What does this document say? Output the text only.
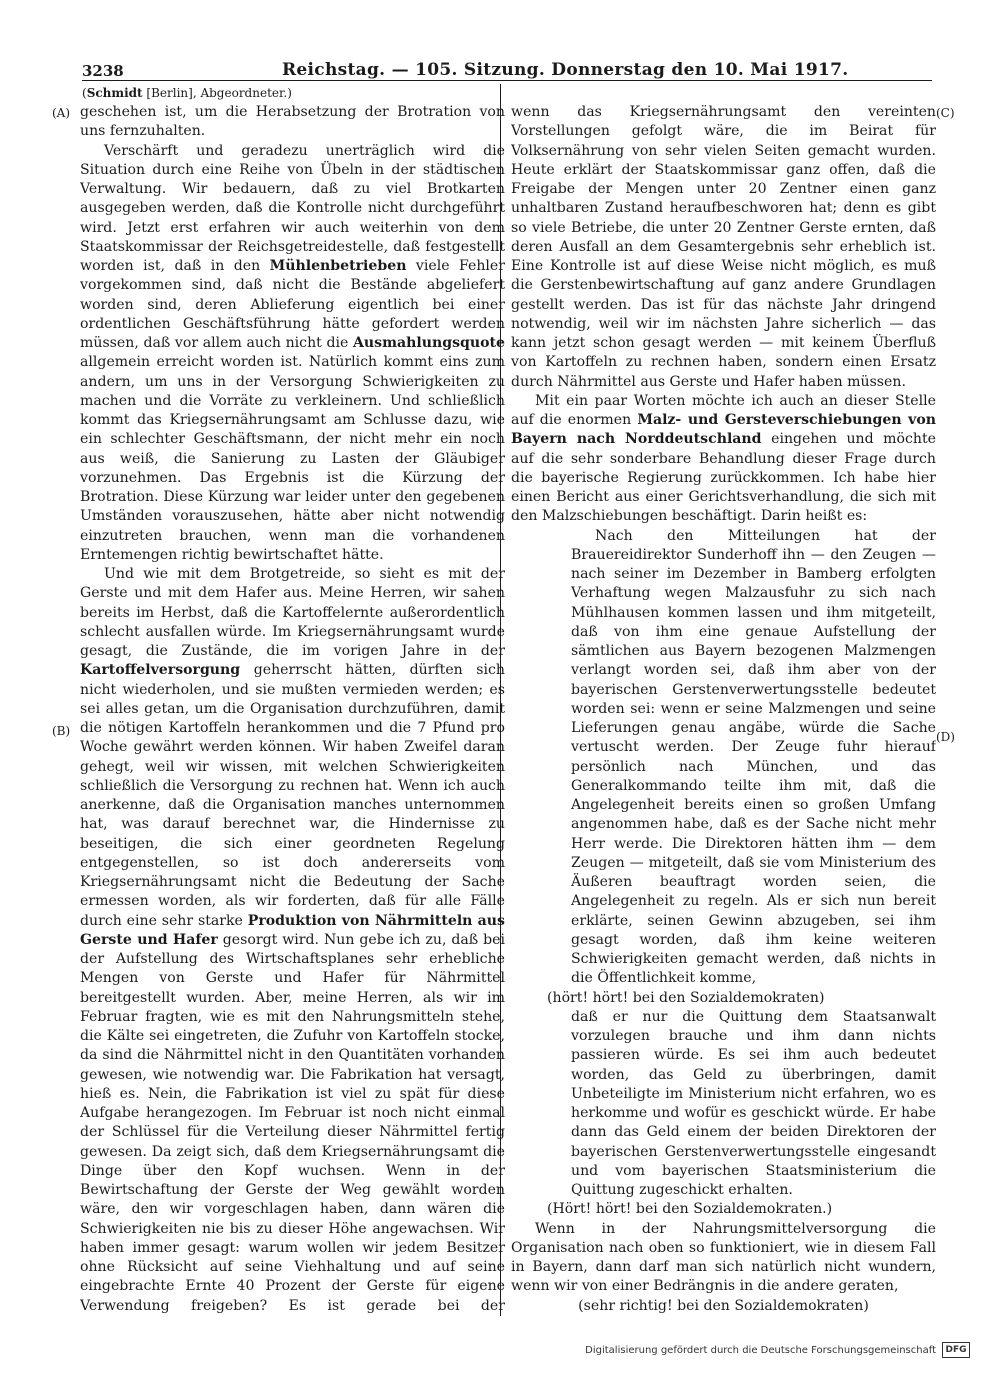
3238	Reichstag. — 105. Sitzung. Donnerstag den 10. Mai 1917.
(Schmidt [Berlin], Abgeordneter.)
(A)
(B)
(C)
(D)

geschehen ist, um die Herabsetzung der Brotration von uns fernzuhalten.

Verschärft und geradezu unerträglich wird die Situation durch eine Reihe von Übeln in der städtischen Verwaltung. Wir bedauern, daß zu viel Brotkarten ausgegeben werden, daß die Kontrolle nicht durchgeführt wird. Jetzt erst erfahren wir auch weiterhin von dem Staatskommissar der Reichsgetreidestelle, daß festgestellt worden ist, daß in den Mühlenbetrieben viele Fehler vorgekommen sind, daß nicht die Bestände abgeliefert worden sind, deren Ablieferung eigentlich bei einer ordentlichen Geschäftsführung hätte gefordert werden müssen, daß vor allem auch nicht die Ausmahlungsquote allgemein erreicht worden ist. Natürlich kommt eins zum andern, um uns in der Versorgung Schwierigkeiten zu machen und die Vorräte zu verkleinern. Und schließlich kommt das Kriegsernährungsamt am Schlusse dazu, wie ein schlechter Geschäftsmann, der nicht mehr ein noch aus weiß, die Sanierung zu Lasten der Gläubiger vorzunehmen. Das Ergebnis ist die Kürzung der Brotration. Diese Kürzung war leider unter den gegebenen Umständen vorauszusehen, hätte aber nicht notwendig einzutreten brauchen, wenn man die vorhandenen Erntemengen richtig bewirtschaftet hätte.

Und wie mit dem Brotgetreide, so sieht es mit der Gerste und mit dem Hafer aus. Meine Herren, wir sahen bereits im Herbst, daß die Kartoffelernte außerordentlich schlecht ausfallen würde. Im Kriegsernährungsamt wurde gesagt, die Zustände, die im vorigen Jahre in der Kartoffelversorgung geherrscht hätten, dürften sich nicht wiederholen, und sie mußten vermieden werden; es sei alles getan, um die Organisation durchzuführen, damit die nötigen Kartoffeln herankommen und die 7 Pfund pro Woche gewährt werden können. Wir haben Zweifel daran gehegt, weil wir wissen, mit welchen Schwierigkeiten schließlich die Versorgung zu rechnen hat. Wenn ich auch anerkenne, daß die Organisation manches unternommen hat, was darauf berechnet war, die Hindernisse zu beseitigen, die sich einer geordneten Regelung entgegenstellen, so ist doch andererseits vom Kriegsernährungsamt nicht die Bedeutung der Sache ermessen worden, als wir forderten, daß für alle Fälle durch eine sehr starke Produktion von Nährmitteln aus Gerste und Hafer gesorgt wird. Nun gebe ich zu, daß bei der Aufstellung des Wirtschaftsplanes sehr erhebliche Mengen von Gerste und Hafer für Nährmittel bereitgestellt wurden. Aber, meine Herren, als wir im Februar fragten, wie es mit den Nahrungsmitteln stehe, die Kälte sei eingetreten, die Zufuhr von Kartoffeln stocke, da sind die Nährmittel nicht in den Quantitäten vorhanden gewesen, wie notwendig war. Die Fabrikation hat versagt, hieß es. Nein, die Fabrikation ist viel zu spät für diese Aufgabe herangezogen. Im Februar ist noch nicht einmal der Schlüssel für die Verteilung dieser Nährmittel fertig gewesen. Da zeigt sich, daß dem Kriegsernährungsamt die Dinge über den Kopf wuchsen. Wenn in der Bewirtschaftung der Gerste der Weg gewählt worden wäre, den wir vorgeschlagen haben, dann wären die Schwierigkeiten nie bis zu dieser Höhe angewachsen. Wir haben immer gesagt: warum wollen wir jedem Besitzer ohne Rücksicht auf seine Viehhaltung und auf seine eingebrachte Ernte 40 Prozent der Gerste für eigene Verwendung freigeben? Es ist gerade bei der

wenn das Kriegsernährungsamt den vereinten Vorstellungen gefolgt wäre, die im Beirat für Volksernährung von sehr vielen Seiten gemacht wurden. Heute erklärt der Staatskommissar ganz offen, daß die Freigabe der Mengen unter 20 Zentner einen ganz unhaltbaren Zustand heraufbeschworen hat; denn es gibt so viele Betriebe, die unter 20 Zentner Gerste ernten, daß deren Ausfall an dem Gesamtergebnis sehr erheblich ist. Eine Kontrolle ist auf diese Weise nicht möglich, es muß die Gerstenbewirtschaftung auf ganz andere Grundlagen gestellt werden. Das ist für das nächste Jahr dringend notwendig, weil wir im nächsten Jahre sicherlich — das kann jetzt schon gesagt werden — mit keinem Überfluß von Kartoffeln zu rechnen haben, sondern einen Ersatz durch Nährmittel aus Gerste und Hafer haben müssen.

Mit ein paar Worten möchte ich auch an dieser Stelle auf die enormen Malz- und Gersteverschiebungen von Bayern nach Norddeutschland eingehen und möchte auf die sehr sonderbare Behandlung dieser Frage durch die bayerische Regierung zurückkommen. Ich habe hier einen Bericht aus einer Gerichtsverhandlung, die sich mit den Malzschiebungen beschäftigt. Darin heißt es:

Nach den Mitteilungen hat der Brauereidirektor Sunderhoff ihn — den Zeugen — nach seiner im Dezember in Bamberg erfolgten Verhaftung wegen Malzausfuhr zu sich nach Mühlhausen kommen lassen und ihm mitgeteilt, daß von ihm eine genaue Aufstellung der sämtlichen aus Bayern bezogenen Malzmengen verlangt worden sei, daß ihm aber von der bayerischen Gerstenverwertungsstelle bedeutet worden sei: wenn er seine Malzmengen und seine Lieferungen genau angäbe, würde die Sache vertuscht werden. Der Zeuge fuhr hierauf persönlich nach München, und das Generalkommando teilte ihm mit, daß die Angelegenheit bereits einen so großen Umfang angenommen habe, daß es der Sache nicht mehr Herr werde. Die Direktoren hätten ihm — dem Zeugen — mitgeteilt, daß sie vom Ministerium des Äußeren beauftragt worden seien, die Angelegenheit zu regeln. Als er sich nun bereit erklärte, seinen Gewinn abzugeben, sei ihm gesagt worden, daß ihm keine weiteren Schwierigkeiten gemacht werden, daß nichts in die Öffentlichkeit komme,

(hört! hört! bei den Sozialdemokraten)

daß er nur die Quittung dem Staatsanwalt vorzulegen brauche und ihm dann nichts passieren würde. Es sei ihm auch bedeutet worden, das Geld zu überbringen, damit Unbeteiligte im Ministerium nicht erfahren, wo es herkomme und wofür es geschickt würde. Er habe dann das Geld einem der beiden Direktoren der bayerischen Gerstenverwertungsstelle eingesandt und vom bayerischen Staatsministerium die Quittung zugeschickt erhalten.

(Hört! hört! bei den Sozialdemokraten.)

Wenn in der Nahrungsmittelversorgung die Organisation nach oben so funktioniert, wie in diesem Fall in Bayern, dann darf man sich natürlich nicht wundern, wenn wir von einer Bedrängnis in die andere geraten,

(sehr richtig! bei den Sozialdemokraten)

Digitalisierung gefördert durch die Deutsche Forschungsgemeinschaft	DFG
